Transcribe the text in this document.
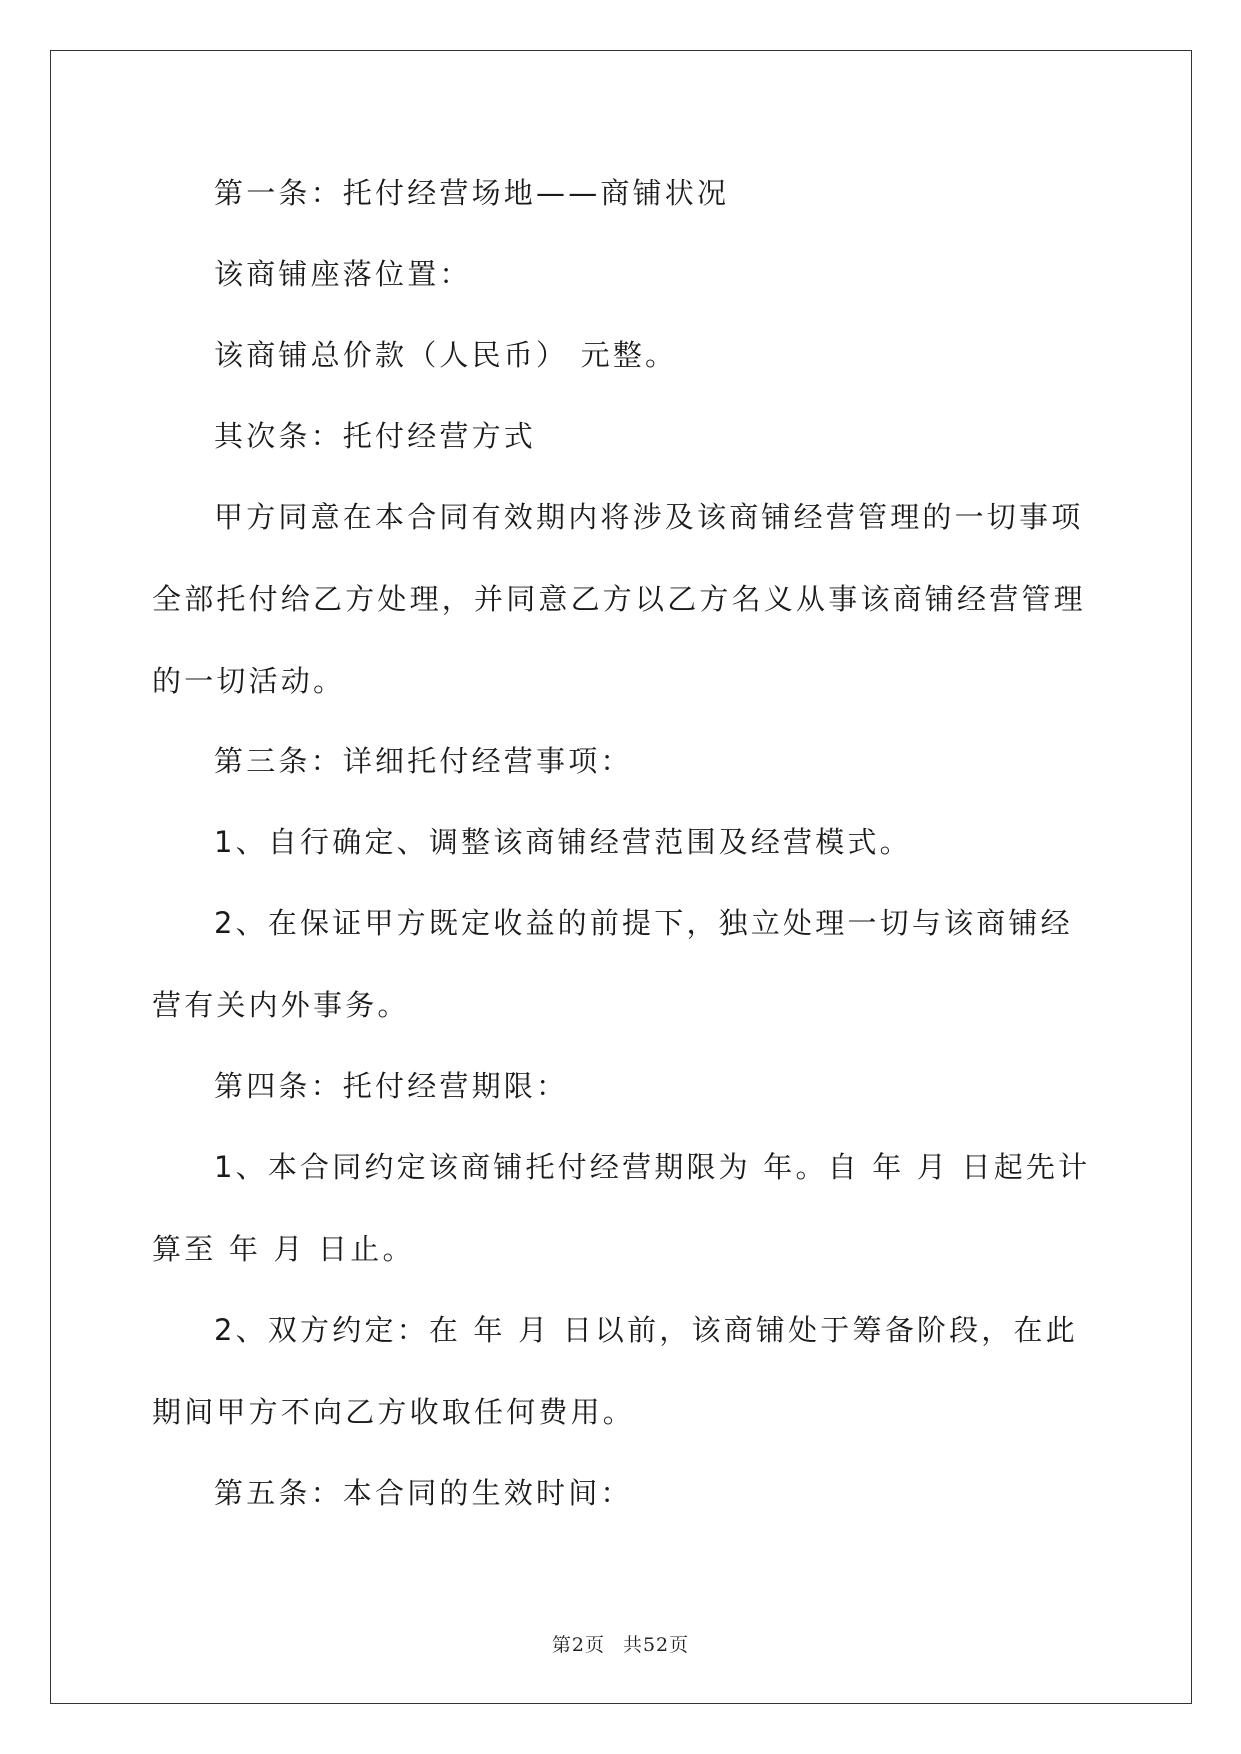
第一条：托付经营场地——商铺状况

该商铺座落位置：

该商铺总价款（人民币） 元整。

其次条：托付经营方式

甲方同意在本合同有效期内将涉及该商铺经营管理的一切事项全部托付给乙方处理，并同意乙方以乙方名义从事该商铺经营管理的一切活动。

第三条：详细托付经营事项：

1、自行确定、调整该商铺经营范围及经营模式。

2、在保证甲方既定收益的前提下，独立处理一切与该商铺经营有关内外事务。

第四条：托付经营期限：

1、本合同约定该商铺托付经营期限为 年。自 年 月 日起先计算至 年 月 日止。

2、双方约定：在 年 月 日以前，该商铺处于筹备阶段，在此期间甲方不向乙方收取任何费用。

第五条：本合同的生效时间：

第2页 共52页
